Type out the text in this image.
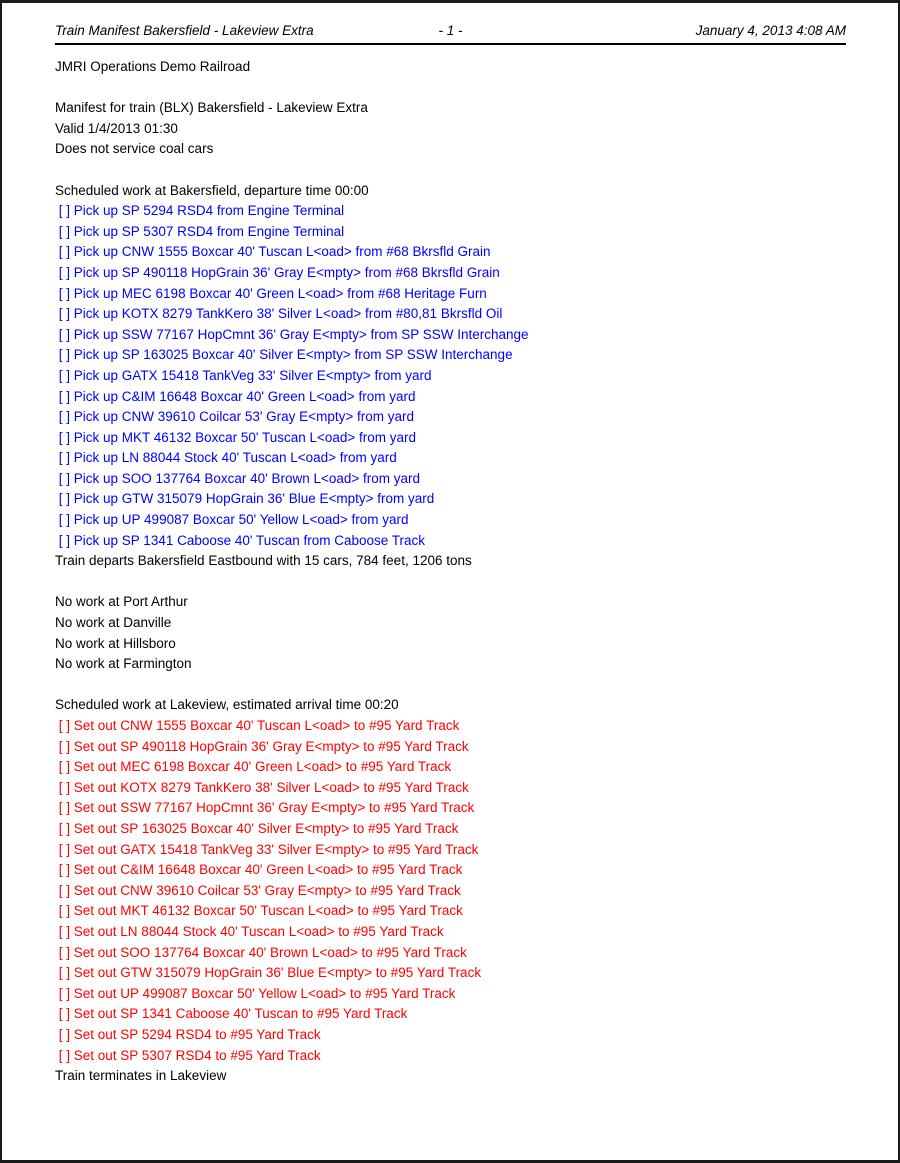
- 1 -
Train Manifest Bakersfield - Lakeview Extra	January 4, 2013 4:08 AM
JMRI Operations Demo Railroad
Manifest for train (BLX) Bakersfield - Lakeview Extra
Valid 1/4/2013 01:30
Does not service coal cars
Scheduled work at Bakersfield, departure time 00:00
[ ] Pick up SP 5294 RSD4 from Engine Terminal
[ ] Pick up SP 5307 RSD4 from Engine Terminal
[ ] Pick up CNW 1555 Boxcar 40' Tuscan L<oad> from #68 Bkrsfld Grain
[ ] Pick up SP 490118 HopGrain 36' Gray E<mpty> from #68 Bkrsfld Grain
[ ] Pick up MEC 6198 Boxcar 40' Green L<oad> from #68 Heritage Furn
[ ] Pick up KOTX 8279 TankKero 38' Silver L<oad> from #80,81 Bkrsfld Oil
[ ] Pick up SSW 77167 HopCmnt 36' Gray E<mpty> from SP SSW Interchange
[ ] Pick up SP 163025 Boxcar 40' Silver E<mpty> from SP SSW Interchange
[ ] Pick up GATX 15418 TankVeg 33' Silver E<mpty> from yard
[ ] Pick up C&IM 16648 Boxcar 40' Green L<oad> from yard
[ ] Pick up CNW 39610 Coilcar 53' Gray E<mpty> from yard
[ ] Pick up MKT 46132 Boxcar 50' Tuscan L<oad> from yard
[ ] Pick up LN 88044 Stock 40' Tuscan L<oad> from yard
[ ] Pick up SOO 137764 Boxcar 40' Brown L<oad> from yard
[ ] Pick up GTW 315079 HopGrain 36' Blue E<mpty> from yard
[ ] Pick up UP 499087 Boxcar 50' Yellow L<oad> from yard
[ ] Pick up SP 1341 Caboose 40' Tuscan from Caboose Track
Train departs Bakersfield Eastbound with 15 cars, 784 feet, 1206 tons
No work at Port Arthur
No work at Danville
No work at Hillsboro
No work at Farmington
Scheduled work at Lakeview, estimated arrival time 00:20
[ ] Set out CNW 1555 Boxcar 40' Tuscan L<oad> to #95 Yard Track
[ ] Set out SP 490118 HopGrain 36' Gray E<mpty> to #95 Yard Track
[ ] Set out MEC 6198 Boxcar 40' Green L<oad> to #95 Yard Track
[ ] Set out KOTX 8279 TankKero 38' Silver L<oad> to #95 Yard Track
[ ] Set out SSW 77167 HopCmnt 36' Gray E<mpty> to #95 Yard Track
[ ] Set out SP 163025 Boxcar 40' Silver E<mpty> to #95 Yard Track
[ ] Set out GATX 15418 TankVeg 33' Silver E<mpty> to #95 Yard Track
[ ] Set out C&IM 16648 Boxcar 40' Green L<oad> to #95 Yard Track
[ ] Set out CNW 39610 Coilcar 53' Gray E<mpty> to #95 Yard Track
[ ] Set out MKT 46132 Boxcar 50' Tuscan L<oad> to #95 Yard Track
[ ] Set out LN 88044 Stock 40' Tuscan L<oad> to #95 Yard Track
[ ] Set out SOO 137764 Boxcar 40' Brown L<oad> to #95 Yard Track
[ ] Set out GTW 315079 HopGrain 36' Blue E<mpty> to #95 Yard Track
[ ] Set out UP 499087 Boxcar 50' Yellow L<oad> to #95 Yard Track
[ ] Set out SP 1341 Caboose 40' Tuscan to #95 Yard Track
[ ] Set out SP 5294 RSD4 to #95 Yard Track
[ ] Set out SP 5307 RSD4 to #95 Yard Track
Train terminates in Lakeview
